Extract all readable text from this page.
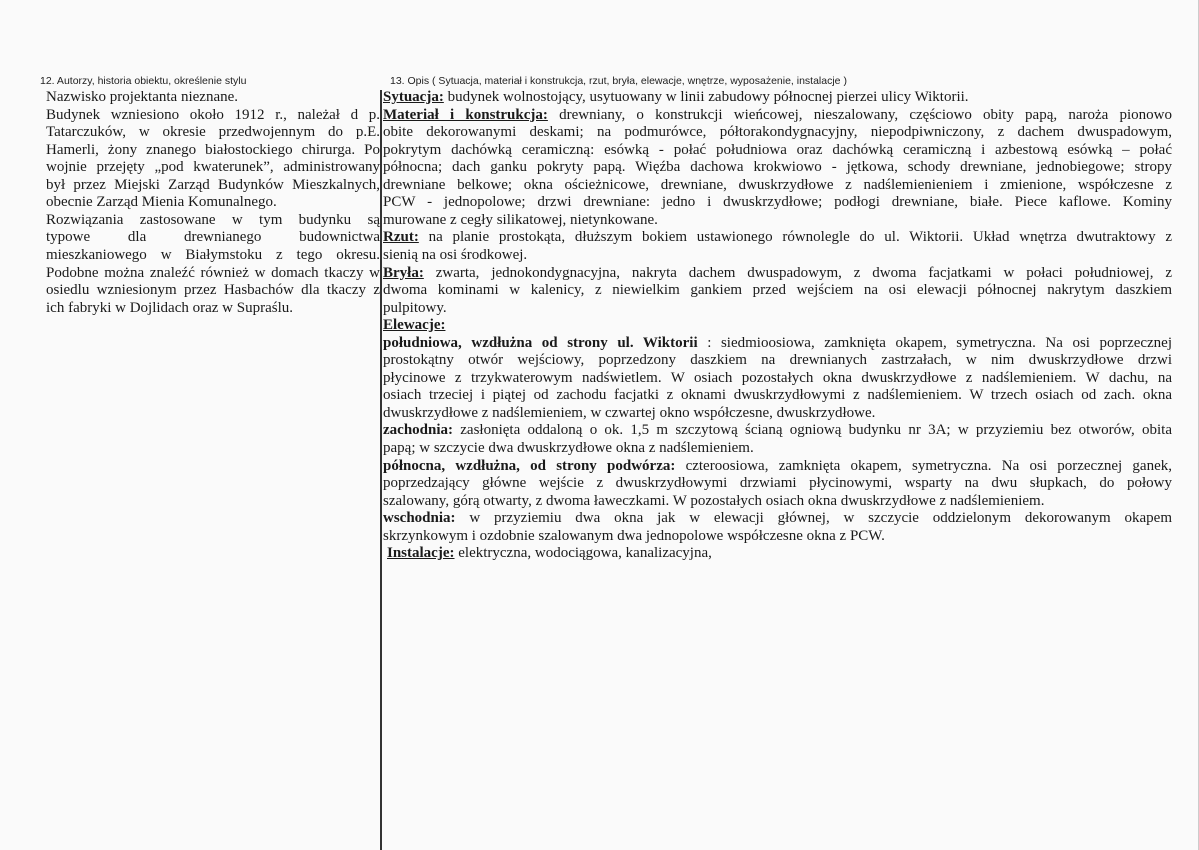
12. Autorzy, historia obiektu, określenie stylu	13. Opis ( Sytuacja, materiał i konstrukcja, rzut, bryła, elewacje, wnętrze, wyposażenie, instalacje )
Nazwisko projektanta nieznane.
Budynek wzniesiono około 1912 r., należał d p.
Tatarczuków, w okresie przedwojennym do p.E.
Hamerli, żony znanego białostockiego chirurga. Po
wojnie przejęty „pod kwaterunek”, administrowany
był przez Miejski Zarząd Budynków Mieszkalnych,
obecnie Zarząd Mienia Komunalnego.
Rozwiązania zastosowane w tym budynku są
typowe dla drewnianego budownictwa
mieszkaniowego w Białymstoku z tego okresu.
Podobne można znaleźć również w domach tkaczy w
osiedlu wzniesionym przez Hasbachów dla tkaczy z
ich fabryki w Dojlidach oraz w Supraślu.
Sytuacja: budynek wolnostojący, usytuowany w linii zabudowy północnej pierzei ulicy Wiktorii.
Materiał i konstrukcja: drewniany, o konstrukcji wieńcowej, nieszalowany, częściowo obity papą, naroża pionowo
obite dekorowanymi deskami; na podmurówce, półtorakondygnacyjny, niepodpiwniczony, z dachem dwuspadowym,
pokrytym dachówką ceramiczną: esówką - połać południowa oraz dachówką ceramiczną i azbestową esówką – połać
północna; dach ganku pokryty papą. Więźba dachowa krokwiowo - jętkowa, schody drewniane, jednobiegowe; stropy
drewniane belkowe; okna ościeżnicowe, drewniane, dwuskrzydłowe z nadślemienieniem i zmienione, współczesne z
PCW - jednopolowe; drzwi drewniane: jedno i dwuskrzydłowe; podłogi drewniane, białe. Piece kaflowe. Kominy
murowane z cegły silikatowej, nietynkowane.
Rzut: na planie prostokąta, dłuższym bokiem ustawionego równolegle do ul. Wiktorii. Układ wnętrza dwutraktowy z
sienią na osi środkowej.
Bryła: zwarta, jednokondygnacyjna, nakryta dachem dwuspadowym, z dwoma facjatkami w połaci południowej, z
dwoma kominami w kalenicy, z niewielkim gankiem przed wejściem na osi elewacji północnej nakrytym daszkiem
pulpitowy.
Elewacje:
południowa, wzdłużna od strony ul. Wiktorii : siedmioosiowa, zamknięta okapem, symetryczna. Na osi poprzecznej
prostokątny otwór wejściowy, poprzedzony daszkiem na drewnianych zastrzałach, w nim dwuskrzydłowe drzwi
płycinowe z trzykwaterowym nadświetlem. W osiach pozostałych okna dwuskrzydłowe z nadślemieniem. W dachu, na
osiach trzeciej i piątej od zachodu facjatki z oknami dwuskrzydłowymi z nadślemieniem. W trzech osiach od zach. okna
dwuskrzydłowe z nadślemieniem, w czwartej okno współczesne, dwuskrzydłowe.
zachodnia: zasłonięta oddaloną o ok. 1,5 m szczytową ścianą ogniową budynku nr 3A; w przyziemiu bez otworów, obita
papą; w szczycie dwa dwuskrzydłowe okna z nadślemieniem.
północna, wzdłużna, od strony podwórza: czteroosiowa, zamknięta okapem, symetryczna. Na osi porzecznej ganek,
poprzedzający główne wejście z dwuskrzydłowymi drzwiami płycinowymi, wsparty na dwu słupkach, do połowy
szalowany, górą otwarty, z dwoma ławeczkami. W pozostałych osiach okna dwuskrzydłowe z nadślemieniem.
wschodnia: w przyziemiu dwa okna jak w elewacji głównej, w szczycie oddzielonym dekorowanym okapem
skrzynkowym i ozdobnie szalowanym dwa jednopolowe współczesne okna z PCW.
Instalacje: elektryczna, wodociągowa, kanalizacyjna,
